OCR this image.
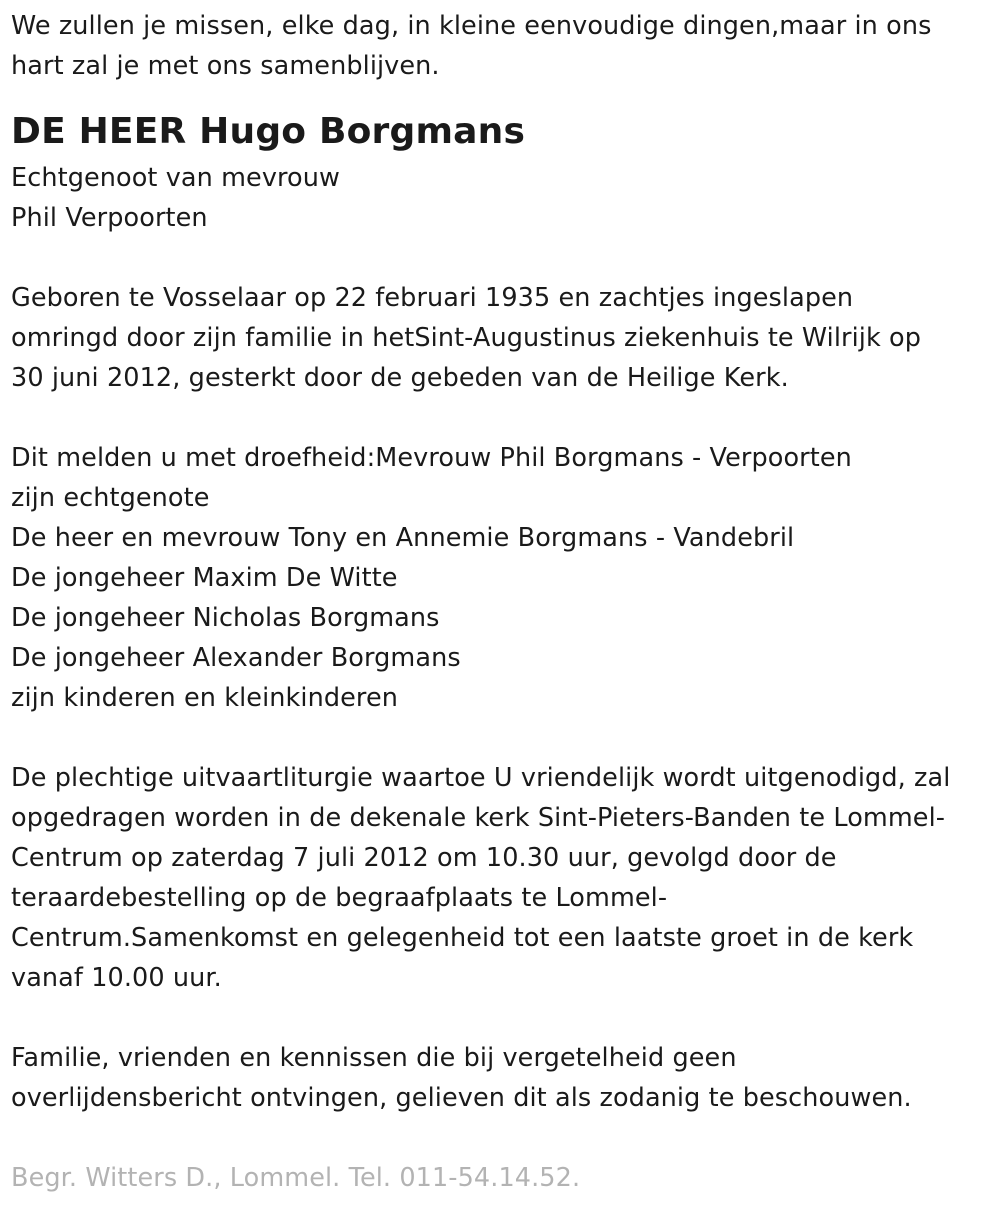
We zullen je missen, elke dag, in kleine eenvoudige dingen,maar in ons
hart zal je met ons samenblijven.
DE HEER Hugo Borgmans
Echtgenoot van mevrouw
Phil Verpoorten
Geboren te Vosselaar op 22 februari 1935 en zachtjes ingeslapen
omringd door zijn familie in hetSint-Augustinus ziekenhuis te Wilrijk op
30 juni 2012, gesterkt door de gebeden van de Heilige Kerk.
Dit melden u met droefheid:Mevrouw Phil Borgmans - Verpoorten
zijn echtgenote
De heer en mevrouw Tony en Annemie Borgmans - Vandebril
De jongeheer Maxim De Witte
De jongeheer Nicholas Borgmans
De jongeheer Alexander Borgmans
zijn kinderen en kleinkinderen
De plechtige uitvaartliturgie waartoe U vriendelijk wordt uitgenodigd, zal
opgedragen worden in de dekenale kerk Sint-Pieters-Banden te Lommel-
Centrum op zaterdag 7 juli 2012 om 10.30 uur, gevolgd door de
teraardebestelling op de begraafplaats te Lommel-
Centrum.Samenkomst en gelegenheid tot een laatste groet in de kerk
vanaf 10.00 uur.
Familie, vrienden en kennissen die bij vergetelheid geen
overlijdensbericht ontvingen, gelieven dit als zodanig te beschouwen.
Begr. Witters D., Lommel. Tel. 011-54.14.52.
